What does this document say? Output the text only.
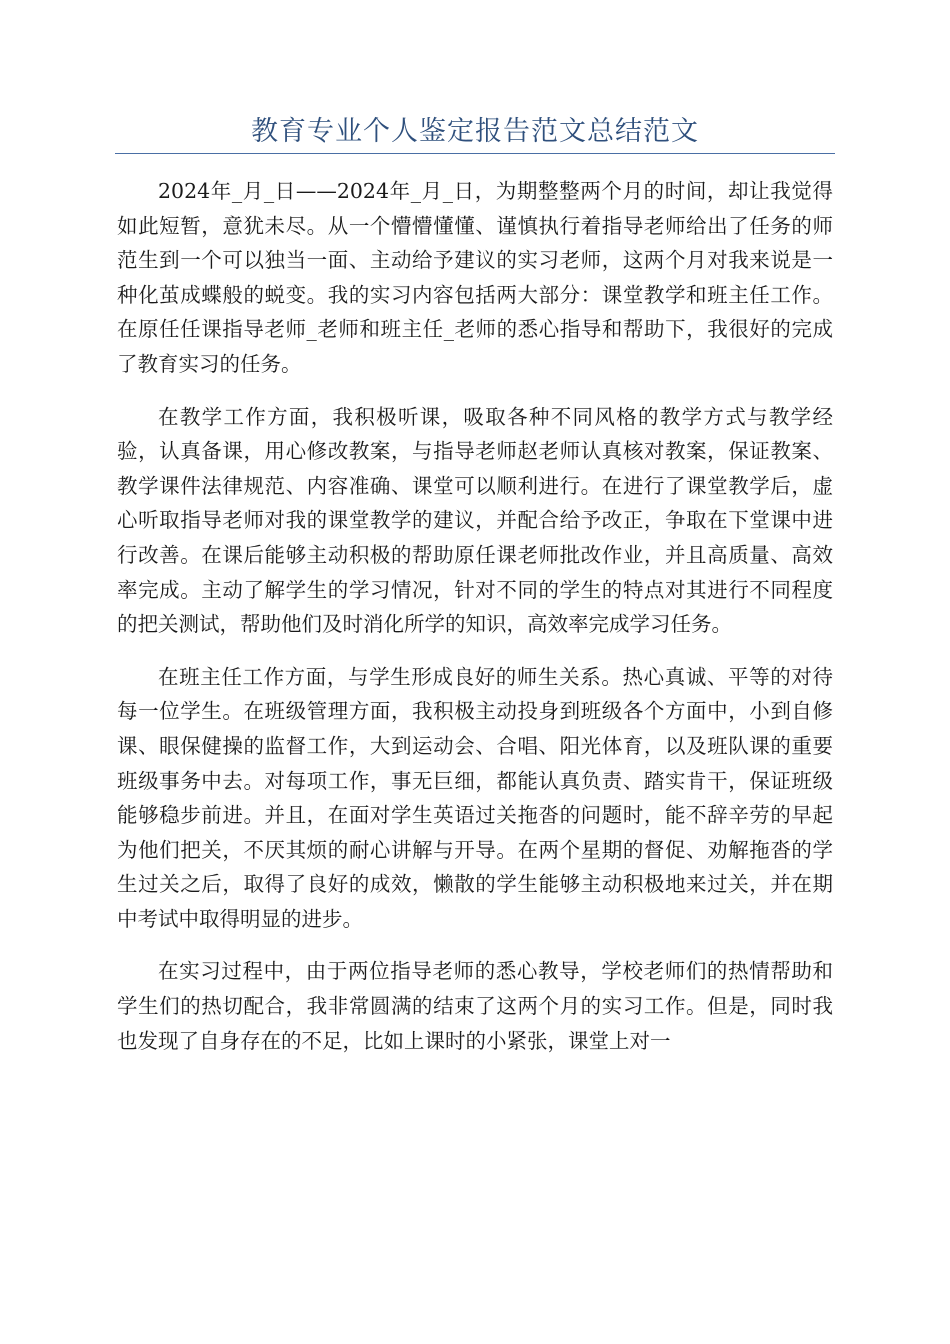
教育专业个人鉴定报告范文总结范文

2024年_月_日——2024年_月_日，为期整整两个月的时间，却让我觉得如此短暂，意犹未尽。从一个懵懵懂懂、谨慎执行着指导老师给出了任务的师范生到一个可以独当一面、主动给予建议的实习老师，这两个月对我来说是一种化茧成蝶般的蜕变。我的实习内容包括两大部分：课堂教学和班主任工作。在原任任课指导老师_老师和班主任_老师的悉心指导和帮助下，我很好的完成了教育实习的任务。

在教学工作方面，我积极听课，吸取各种不同风格的教学方式与教学经验，认真备课，用心修改教案，与指导老师赵老师认真核对教案，保证教案、教学课件法律规范、内容准确、课堂可以顺利进行。在进行了课堂教学后，虚心听取指导老师对我的课堂教学的建议，并配合给予改正，争取在下堂课中进行改善。在课后能够主动积极的帮助原任课老师批改作业，并且高质量、高效率完成。主动了解学生的学习情况，针对不同的学生的特点对其进行不同程度的把关测试，帮助他们及时消化所学的知识，高效率完成学习任务。

在班主任工作方面，与学生形成良好的师生关系。热心真诚、平等的对待每一位学生。在班级管理方面，我积极主动投身到班级各个方面中，小到自修课、眼保健操的监督工作，大到运动会、合唱、阳光体育，以及班队课的重要班级事务中去。对每项工作，事无巨细，都能认真负责、踏实肯干，保证班级能够稳步前进。并且，在面对学生英语过关拖沓的问题时，能不辞辛劳的早起为他们把关，不厌其烦的耐心讲解与开导。在两个星期的督促、劝解拖沓的学生过关之后，取得了良好的成效，懒散的学生能够主动积极地来过关，并在期中考试中取得明显的进步。

在实习过程中，由于两位指导老师的悉心教导，学校老师们的热情帮助和学生们的热切配合，我非常圆满的结束了这两个月的实习工作。但是，同时我也发现了自身存在的不足，比如上课时的小紧张，课堂上对一
